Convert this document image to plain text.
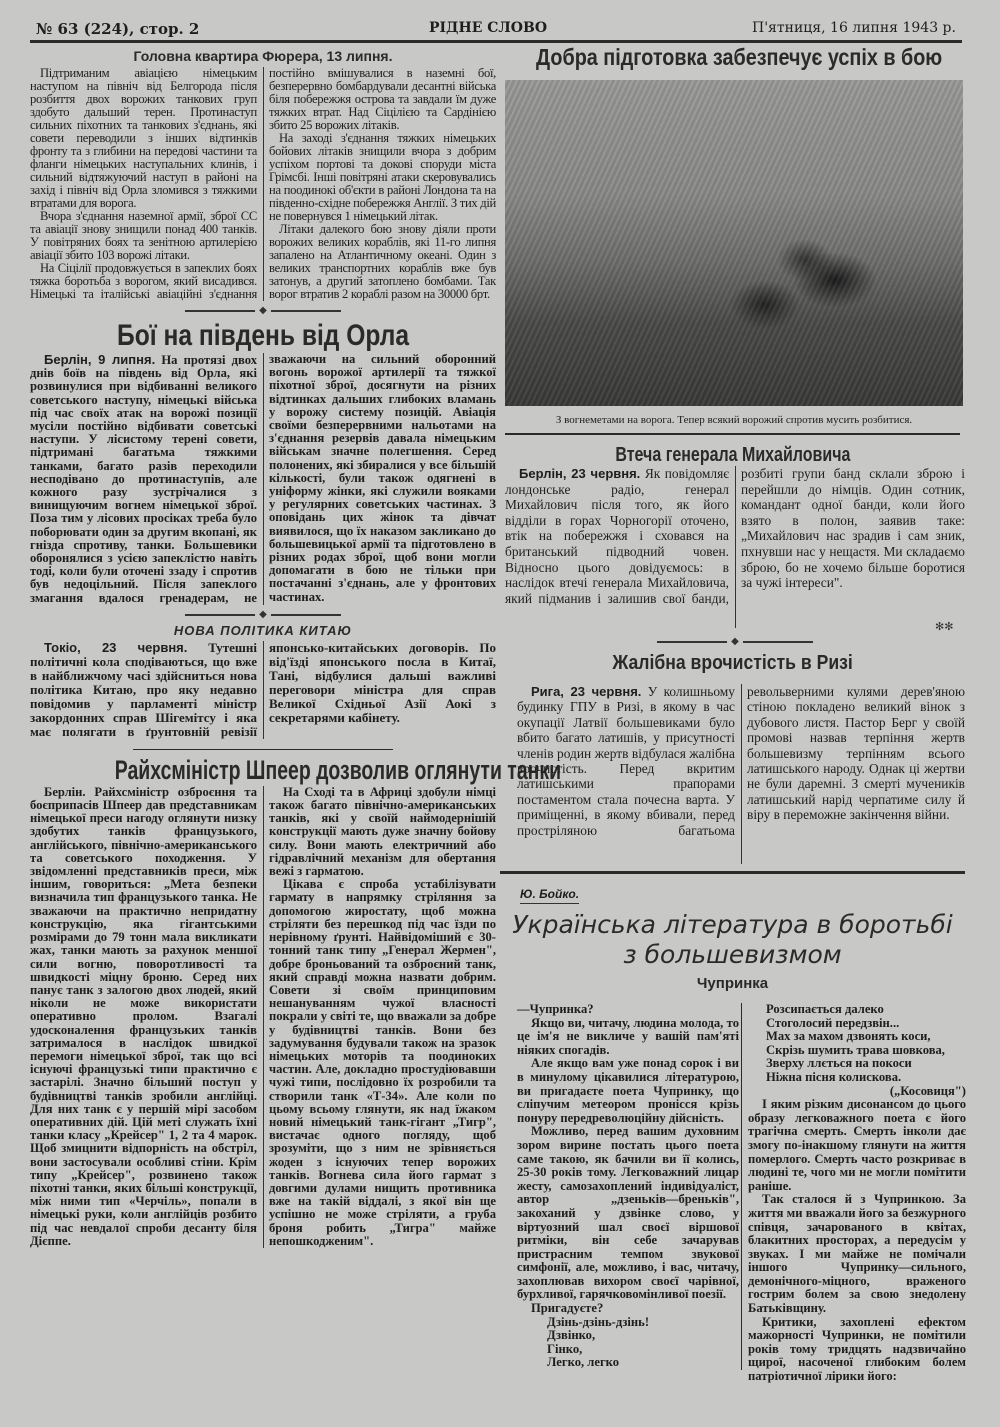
№ 63 (224), стор. 2	РІДНЕ СЛОВО	П'ятниця, 16 липня 1943 р.
Головна квартира Фюрера, 13 липня.

Підтриманим авіацією німецьким наступом на північ від Белгорода після розбиття двох ворожих танкових груп здобуто дальший терен. Протинаступ сильних піхотних та танкових з'єднань, які совети переводили з інших відтинків фронту та з глибини на передові частини та фланги німецьких наступальних клинів, і сильний відтяжуючий наступ в районі на захід і північ від Орла зломився з тяжкими втратами для ворога.

Вчора з'єднання наземної армії, зброї СС та авіації знову знищили понад 400 танків. У повітряних боях та зенітною артилерією авіації збито 103 ворожі літаки.

На Сіцілії продовжується в запеклих боях тяжка боротьба з ворогом, який висадився. Німецькі та італійські авіаційні з'єднання постійно вмішувалися в наземні бої, безперервно бомбардували десантні війська біля побережжя острова та завдали їм дуже тяжких втрат. Над Сіцілією та Сардінією збито 25 ворожих літаків.

На заході з'єднання тяжких німецьких бойових літаків знищили вчора з добрим успіхом портові та докові споруди міста Грімсбі. Інші повітряні атаки скеровувались на поодинокі об'єкти в районі Лондона та на південно-східне побережжя Англії. З тих дій не повернувся 1 німецький літак.

Літаки далекого бою знову діяли проти ворожих великих кораблів, які 11-го липня запалено на Атлантичному океані. Один з великих транспортних кораблів вже був затонув, а другий затоплено бомбами. Так ворог втратив 2 кораблі разом на 30000 брт.

◆
Бої на південь від Орла

Берлін, 9 липня. На протязі двох днів боїв на південь від Орла, які розвинулися при відбиванні великого советського наступу, німецькі війська під час своїх атак на ворожі позиції мусіли постійно відбивати советські наступи. У лісистому терені совети, підтримані багатьма тяжкими танками, багато разів переходили несподівано до протинаступів, але кожного разу зустрічалися з винищуючим вогнем німецької зброї. Поза тим у лісових просіках треба було поборювати один за другим вкопані, як гнізда спротиву, танки. Большевики оборонялися з усією запеклістю навіть тоді, коли були оточені ззаду і спротив був недоцільний. Після запеклого змагання вдалося гренадерам, не зважаючи на сильний оборонний вогонь ворожої артилерії та тяжкої піхотної зброї, досягнути на різних відтинках дальших глибоких вламань у ворожу систему позицій. Авіація своїми безперервними нальотами на з'єднання резервів давала німецьким військам значне полегшення. Серед полонених, які збиралися у все більшій кількості, були також одягнені в уніформу жінки, які служили вояками у регулярних советських частинах. З оповідань цих жінок та дівчат виявилося, що їх наказом закликано до большевицької армії та підготовлено в різних родах зброї, щоб вони могли допомагати в бою не тільки при постачанні з'єднань, але у фронтових частинах.

◆
НОВА ПОЛІТИКА КИТАЮ

Токіо, 23 червня. Тутешні політичні кола сподіваються, що вже в найближчому часі здійсниться нова політика Китаю, про яку недавно повідомив у парламенті міністр закордонних справ Шігемітсу і яка має полягати в ґрунтовній ревізії японсько-китайських договорів. По від'їзді японського посла в Китаї, Тані, відбулися дальші важливі переговори міністра для справ Великої Східньої Азії Аокі з секретарями кабінету.

Райхсміністр Шпеер дозволив оглянути танки

Берлін. Райхсміністр озброєння та боєприпасів Шпеер дав представникам німецької преси нагоду оглянути низку здобутих танків французького, англійського, північно-американського та советського походження. У звідомленні представників преси, між іншим, говориться: „Мета безпеки визначила тип французького танка. Не зважаючи на практично непридатну конструкцію, яка гігантськими розмірами до 79 тонн мала викликати жах, танки мають за рахунок меншої сили вогню, поворотливості та швидкості міцну броню. Серед них панує танк з залогою двох людей, який ніколи не може використати оперативно пролом. Взагалі удосконалення французьких танків затрималося в наслідок швидкої перемоги німецької зброї, так що всі існуючі французькі типи практично є застарілі. Значно більший поступ у будівництві танків зробили англійці. Для них танк є у першій мірі засобом оперативних дій. Цій меті служать їхні танки класу „Крейсер" 1, 2 та 4 марок. Щоб змицнити відпорність на обстріл, вони застосували особливі стіни. Крім типу „Крейсер", розвинено також піхотні танки, яких більші конструкції, між ними тип «Черчіль», попали в німецькі руки, коли англійців розбито під час невдалої спроби десанту біля Дієппе.

На Сході та в Африці здобули німці також багато північно-американських танків, які у своїй наймодернішій конструкції мають дуже значну бойову силу. Вони мають електричний або гідравлічний механізм для обертання вежі з гарматою.

Цікава є спроба устабілізувати гармату в напрямку стріляння за допомогою жиростату, щоб можна стріляти без перешкод під час їзди по нерівному ґрунті. Найвідоміший є 30-тонний танк типу „Генерал Жермен", добре броньований та озброєний танк, який справді можна назвати добрим. Совети зі своїм принциповим нешануванням чужої власності покрали у світі те, що вважали за добре у будівництві танків. Вони без задумування будували також на зразок німецьких моторів та поодиноких частин. Але, докладно простудіювавши чужі типи, послідовно їх розробили та створили танк «Т-34». Але коли по цьому всьому глянути, як над їжаком новий німецький танк-гігант „Тигр", вистачає одного погляду, щоб зрозуміти, що з ним не зрівняється жоден з існуючих тепер ворожих танків. Вогнева сила його гармат з довгими дулами нищить противника вже на такій віддалі, з якої він ще успішно не може стріляти, а груба броня робить „Тигра" майже непошкодженим".

Добра підготовка забезпечує успіх в бою
З вогнеметами на ворога. Тепер всякий ворожий спротив мусить розбитися.
Втеча генерала Михайловича

Берлін, 23 червня. Як повідомляє лондонське радіо, генерал Михайлович після того, як його відділи в горах Чорногорії оточено, втік на побережжя і сховався на британський підводний човен. Відносно цього довідуємось: в наслідок втечі генерала Михайловича, який підманив і залишив свої банди, розбиті групи банд склали зброю і перейшли до німців. Один сотник, командант одної банди, коли його взято в полон, заявив таке: „Михайлович нас зрадив і сам зник, пхнувши нас у нещастя. Ми складаємо зброю, бо не хочемо більше боротися за чужі інтереси".

✻✻
◆
Жалібна врочистість в Ризі

Рига, 23 червня. У колишньому будинку ГПУ в Ризі, в якому в час окупації Латвії большевиками було вбито багато латишів, у присутності членів родин жертв відбулася жалібна врочистість. Перед вкритим латишськими прапорами постаментом стала почесна варта. У приміщенні, в якому вбивали, перед простріляною багатьома револьверними кулями дерев'яною стіною покладено великий вінок з дубового листя. Пастор Берг у своїй промові назвав терпіння жертв большевизму терпінням всього латишського народу. Однак ці жертви не були даремні. З смерті мучеників латишський нарід черпатиме силу й віру в переможне закінчення війни.

Ю. Бойко.
Українська література в боротьбі
з большевизмом
Чупринка

—Чупринка?

Якщо ви, читачу, людина молода, то це ім'я не викличе у вашій пам'яті ніяких спогадів.

Але якщо вам уже понад сорок і ви в минулому цікавилися літературою, ви пригадаєте поета Чупринку, що сліпучим метеором пронісся крізь понуру передреволюційну дійсність.

Можливо, перед вашим духовним зором виринe постать цього поета саме такою, як бачили ви її колись, 25-30 років тому. Легковажний лицар жесту, самозахоплений індивідуаліст, автор „дзеньків—бреньків", закоханий у дзвінке слово, у віртуозний шал своєї віршової ритміки, він себе зачарував пристрасним темпом звукової симфонії, але, можливо, і вас, читачу, захоплював вихором своєї чарівної, бурхливої, гарячковомінливої поезії.

Пригадуєте?

Дзінь-дзінь-дзінь!
Дзвінко,
Гінко,
Легко, легко
Розсипається далеко
Стоголосий передзвін...
Мах за махом дзвонять коси,
Скрізь шумить трава шовкова,
Зверху ллється на покоси
Ніжна пісня колискова.
(„Косовиця")

І яким різким дисонансом до цього образу легковажного поета є його трагічна смерть. Смерть інколи дає змогу по-інакшому глянути на життя померлого. Смерть часто розкриває в людині те, чого ми не могли помітити раніше.

Так сталося й з Чупринкою. За життя ми вважали його за безжурного співця, зачарованого в квітах, блакитних просторах, а передусім у звуках. І ми майже не помічали іншого Чупринку—сильного, демонічного-міцного, враженого гострим болем за свою знедолену Батьківщину.

Критики, захоплені ефектом мажорності Чупринки, не помітили років тому тридцять надзвичайно щирої, насоченої глибоким болем патріотичної лірики його:
